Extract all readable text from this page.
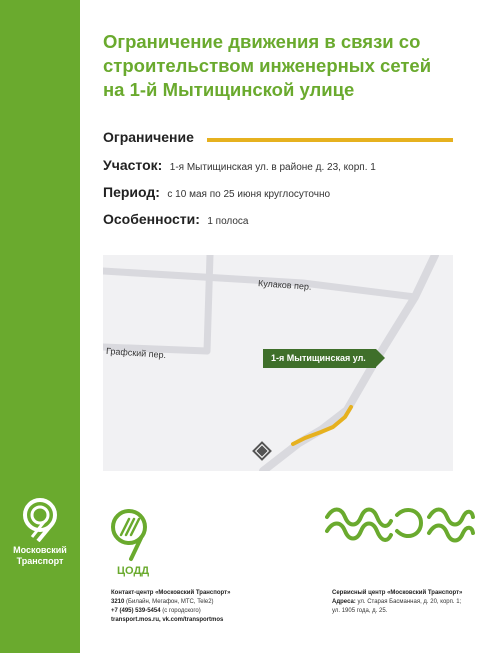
Московский
Транспорт
Ограничение движения в связи со
строительством инженерных сетей
на 1-й Мытищинской улице
Ограничение
Участок: 1-я Мытищинская ул. в районе д. 23, корп. 1
Период: с 10 мая по 25 июня круглосуточно
Особенности: 1 полоса
Кулаков пер.
Графский пер.	1-я Мытищинская ул.
ЦОДД
Контакт-центр «Московский Транспорт»
3210 (Билайн, Мегафон, МТС, Tele2)
+7 (495) 539-5454 (с городского)
transport.mos.ru, vk.com/transportmos
Сервисный центр «Московский Транспорт»
Адреса: ул. Старая Басманная, д. 20, корп. 1;
ул. 1905 года, д. 25.
